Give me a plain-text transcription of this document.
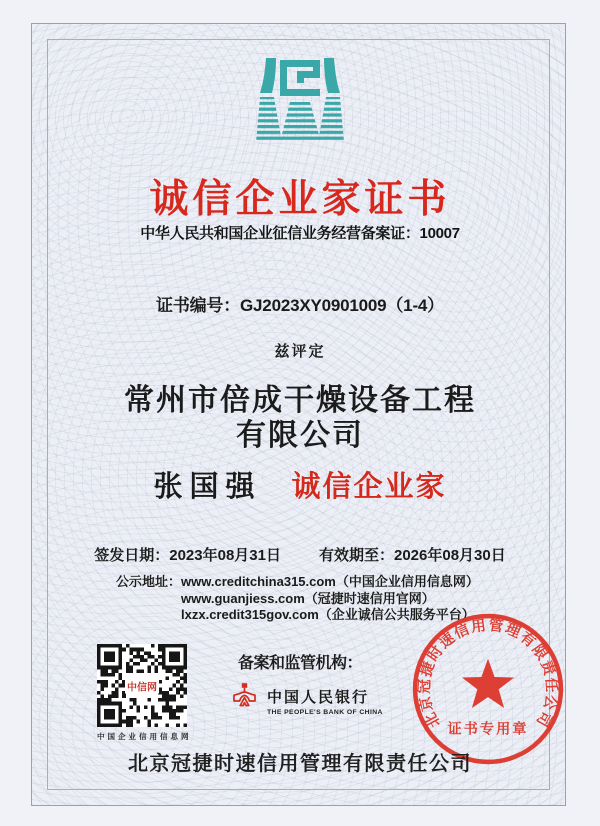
诚信企业家证书
中华人民共和国企业征信业务经营备案证：10007
证书编号：GJ2023XY0901009（1-4）
兹评定
常州市倍成干燥设备工程
有限公司
张国强 诚信企业家
签发日期：2023年08月31日	有效期至：2026年08月30日
公示地址： www.creditchina315.com（中国企业信用信息网）
www.guanjiess.com（冠捷时速信用官网）
lxzx.credit315gov.com（企业诚信公共服务平台）
中信网
中国企业信用信息网
备案和监管机构：
中国人民银行
THE PEOPLE'S BANK OF CHINA	北京冠捷时速信用管理有限责任公司
证书专用章
北京冠捷时速信用管理有限责任公司
